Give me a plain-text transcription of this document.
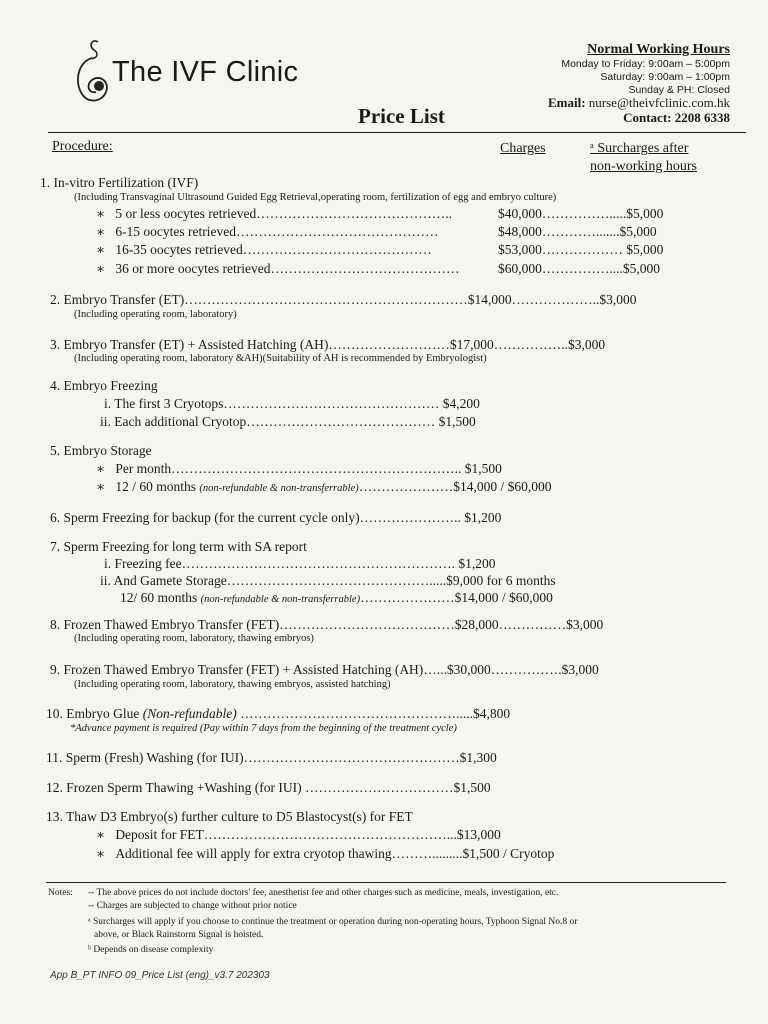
The IVF Clinic
Price List
Normal Working Hours
Monday to Friday: 9:00am – 5:00pm
Saturday: 9:00am – 1:00pm
Sunday & PH: Closed
Email: nurse@theivfclinic.com.hk
Contact: 2208 6338
Procedure:	Charges	ᵃ Surcharges after
non-working hours
1. In-vitro Fertilization (IVF)
(Including Transvaginal Ultrasound Guided Egg Retrieval,operating room, fertilization of egg and embryo culture)
∗ 5 or less oocytes retrieved……………………………………..	$40,000…………….....$5,000
∗ 6-15 oocytes retrieved………………………………………	$48,000………….......$5,000
∗ 16-35 oocytes retrieved……………………………………	$53,000……………… $5,000
∗ 36 or more oocytes retrieved……………………………………	$60,000……………....$5,000
2. Embryo Transfer (ET)………………………………………………………$14,000………………..$3,000
(Including operating room, laboratory)
3. Embryo Transfer (ET) + Assisted Hatching (AH)………………………$17,000……………..$3,000
(Including operating room, laboratory &AH)(Suitability of AH is recommended by Embryologist)
4. Embryo Freezing
i. The first 3 Cryotops………………………………………… $4,200
ii. Each additional Cryotop…………………………………… $1,500
5. Embryo Storage
∗ Per month……………………………………………………….. $1,500
∗ 12 / 60 months (non-refundable & non-transferrable)…………………$14,000 / $60,000
6. Sperm Freezing for backup (for the current cycle only)………………….. $1,200
7. Sperm Freezing for long term with SA report
i. Freezing fee……………………………………………………. $1,200
ii. And Gamete Storage……………………………………….....$9,000 for 6 months
12/ 60 months (non-refundable & non-transferrable)…………………$14,000 / $60,000
8. Frozen Thawed Embryo Transfer (FET)…………………………………$28,000……………$3,000
(Including operating room, laboratory, thawing embryos)
9. Frozen Thawed Embryo Transfer (FET) + Assisted Hatching (AH)…...$30,000…………….$3,000
(Including operating room, laboratory, thawing embryos, assisted hatching)
10. Embryo Glue (Non-refundable) ………………………………………….....$4,800
*Advance payment is required (Pay within 7 days from the beginning of the treatment cycle)
11. Sperm (Fresh) Washing (for IUI)…………………………………………$1,300
12. Frozen Sperm Thawing +Washing (for IUI) ……………………………$1,500
13. Thaw D3 Embryo(s) further culture to D5 Blastocyst(s) for FET
∗ Deposit for FET………………………………………………...$13,000
∗ Additional fee will apply for extra cryotop thawing……….........$1,500 / Cryotop
Notes: -- The above prices do not include doctors' fee, anesthetist fee and other charges such as medicine, meals, investigation, etc.
-- Charges are subjected to change without prior notice
ᵃ Surcharges will apply if you choose to continue the treatment or operation during non-operating hours, Typhoon Signal No.8 or
above, or Black Rainstorm Signal is hoisted.
ᵇ Depends on disease complexity
App B_PT INFO 09_Price List (eng)_v3.7 202303
